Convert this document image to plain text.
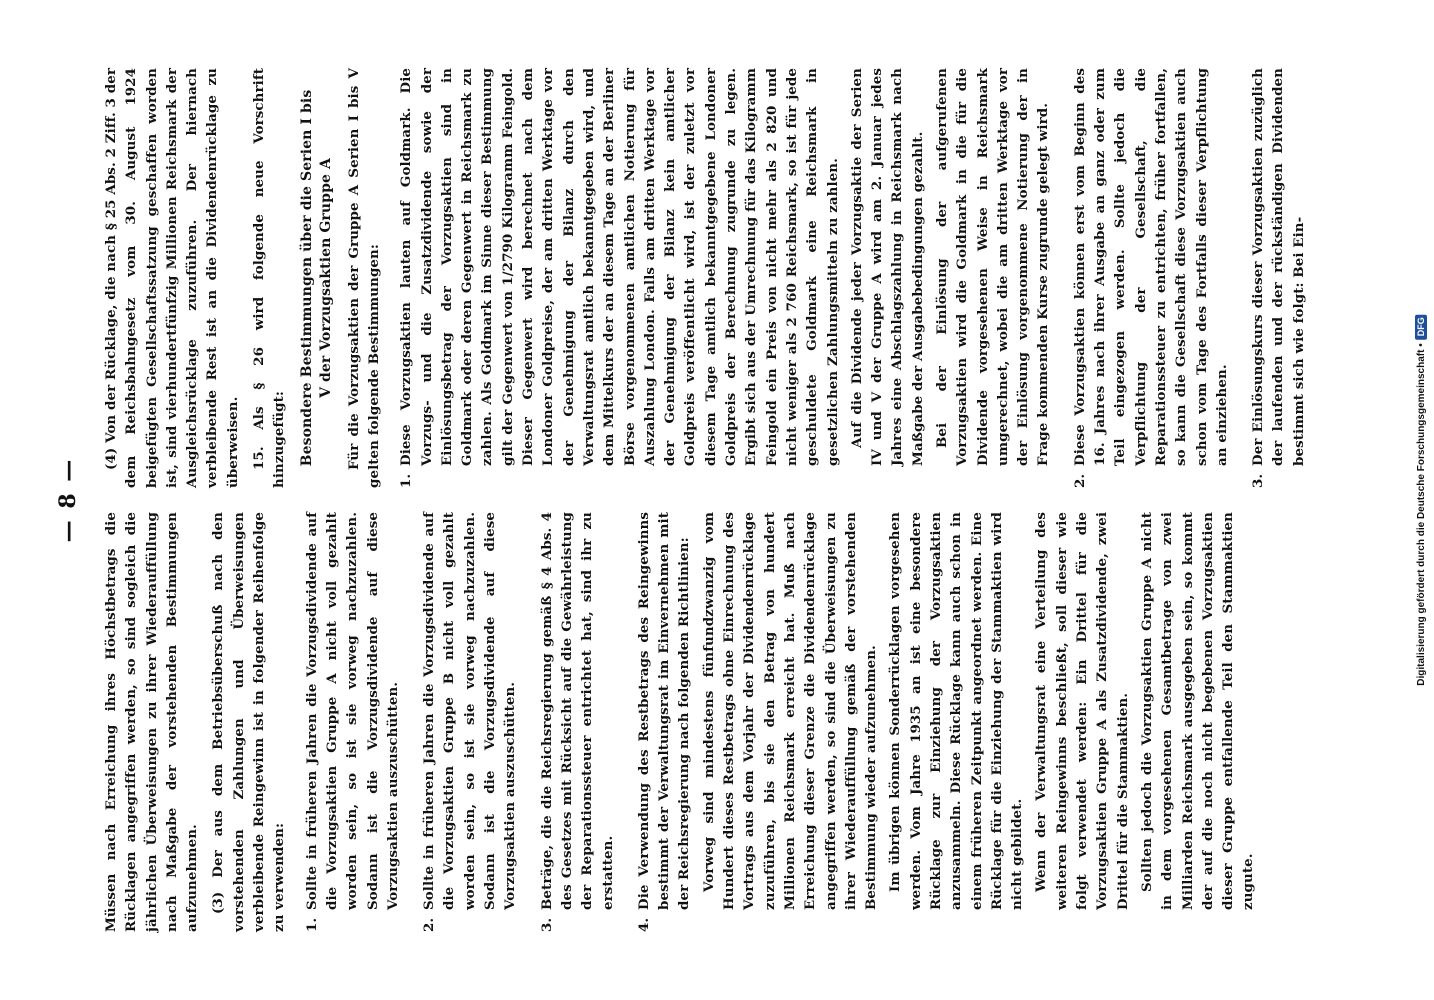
— 8 —

Müssen nach Erreichung ihres Höchstbetrags die Rücklagen angegriffen werden, so sind sogleich die jährlichen Überweisungen zu ihrer Wiederauffüllung nach Maßgabe der vorstehenden Bestimmungen aufzunehmen. (3) Der aus dem Betriebsüberschuß nach den vorstehenden Zahlungen und Überweisungen verbleibende Reingewinn ist in folgender Reihenfolge zu verwenden: 1.

Sollte in früheren Jahren die Vorzugsdividende auf die Vorzugsaktien Gruppe A nicht voll gezahlt worden sein, so ist sie vorweg nachzuzahlen. Sodann ist die Vorzugsdividende auf diese Vorzugsaktien auszuschütten.

2.

Sollte in früheren Jahren die Vorzugsdividende auf die Vorzugsaktien Gruppe B nicht voll gezahlt worden sein, so ist sie vorweg nachzuzahlen. Sodann ist die Vorzugsdividende auf diese Vorzugsaktien auszuschütten.

3.

Beträge, die die Reichsregierung gemäß § 4 Abs. 4 des Gesetzes mit Rücksicht auf die Gewährleistung der Reparationssteuer entrichtet hat, sind ihr zu erstatten.

4.

Die Verwendung des Restbetrags des Reingewinns bestimmt der Verwaltungsrat im Einvernehmen mit der Reichsregierung nach folgenden Richtlinien: Vorweg sind mindestens fünfundzwanzig vom Hundert dieses Restbetrags ohne Einrechnung des Vortrags aus dem Vorjahr der Dividendenrücklage zuzuführen, bis sie den Betrag von hundert Millionen Reichsmark erreicht hat. Muß nach Erreichung dieser Grenze die Dividendenrücklage angegriffen werden, so sind die Überweisungen zu ihrer Wiederauffüllung gemäß der vorstehenden Bestimmung wieder aufzunehmen. Im übrigen können Sonderrücklagen vorgesehen werden. Vom Jahre 1935 an ist eine besondere Rücklage zur Einziehung der Vorzugsaktien anzusammeln. Diese Rücklage kann auch schon in einem früheren Zeitpunkt angeordnet werden. Eine Rücklage für die Einziehung der Stammaktien wird nicht gebildet. Wenn der Verwaltungsrat eine Verteilung des weiteren Reingewinns beschließt, soll dieser wie folgt verwendet werden: Ein Drittel für die Vorzugsaktien Gruppe A als Zusatzdividende, zwei Drittel für die Stammaktien. Sollten jedoch die Vorzugsaktien Gruppe A nicht in dem vorgesehenen Gesamtbetrage von zwei Milliarden Reichsmark ausgegeben sein, so kommt der auf die noch nicht begebenen Vorzugsaktien dieser Gruppe entfallende Teil den Stammaktien zugute.

(4) Von der Rücklage, die nach § 25 Abs. 2 Ziff. 3 der dem Reichsbahngesetz vom 30. August 1924 beigefügten Gesellschaftssatzung geschaffen worden ist, sind vierhundertfünfzig Millionen Reichsmark der Ausgleichsrücklage zuzuführen. Der hiernach verbleibende Rest ist an die Dividendenrücklage zu überweisen. 15. Als § 26 wird folgende neue Vorschrift hinzugefügt: Besondere Bestimmungen über die Serien I bis V der Vorzugsaktien Gruppe A Für die Vorzugsaktien der Gruppe A Serien I bis V gelten folgende Bestimmungen: 1.

Diese Vorzugsaktien lauten auf Goldmark. Die Vorzugs- und die Zusatzdividende sowie der Einlösungsbetrag der Vorzugsaktien sind in Goldmark oder deren Gegenwert in Reichsmark zu zahlen. Als Goldmark im Sinne dieser Bestimmung gilt der Gegenwert von 1/2790 Kilogramm Feingold. Dieser Gegenwert wird berechnet nach dem Londoner Goldpreise, der am dritten Werktage vor der Genehmigung der Bilanz durch den Verwaltungsrat amtlich bekanntgegeben wird, und dem Mittelkurs der an diesem Tage an der Berliner Börse vorgenommenen amtlichen Notierung für Auszahlung London. Falls am dritten Werktage vor der Genehmigung der Bilanz kein amtlicher Goldpreis veröffentlicht wird, ist der zuletzt vor diesem Tage amtlich bekanntgegebene Londoner Goldpreis der Berechnung zugrunde zu legen. Ergibt sich aus der Umrechnung für das Kilogramm Feingold ein Preis von nicht mehr als 2 820 und nicht weniger als 2 760 Reichsmark, so ist für jede geschuldete Goldmark eine Reichsmark in gesetzlichen Zahlungsmitteln zu zahlen. Auf die Dividende jeder Vorzugsaktie der Serien IV und V der Gruppe A wird am 2. Januar jedes Jahres eine Abschlagszahlung in Reichsmark nach Maßgabe der Ausgabebedingungen gezahlt. Bei der Einlösung der aufgerufenen Vorzugsaktien wird die Goldmark in die für die Dividende vorgesehenen Weise in Reichsmark umgerechnet, wobei die am dritten Werktage vor der Einlösung vorgenommene Notierung der in Frage kommenden Kurse zugrunde gelegt wird.

2.

Diese Vorzugsaktien können erst vom Beginn des 16. Jahres nach ihrer Ausgabe an ganz oder zum Teil eingezogen werden. Sollte jedoch die Verpflichtung der Gesellschaft, die Reparationssteuer zu entrichten, früher fortfallen, so kann die Gesellschaft diese Vorzugsaktien auch schon vom Tage des Fortfalls dieser Verpflichtung an einziehen.

3.

Der Einlösungskurs dieser Vorzugsaktien zuzüglich der laufenden und der rückständigen Dividenden bestimmt sich wie folgt: Bei Ein-

Digitalisierung gefördert durch die Deutsche Forschungsgemeinschaft •
DFG
